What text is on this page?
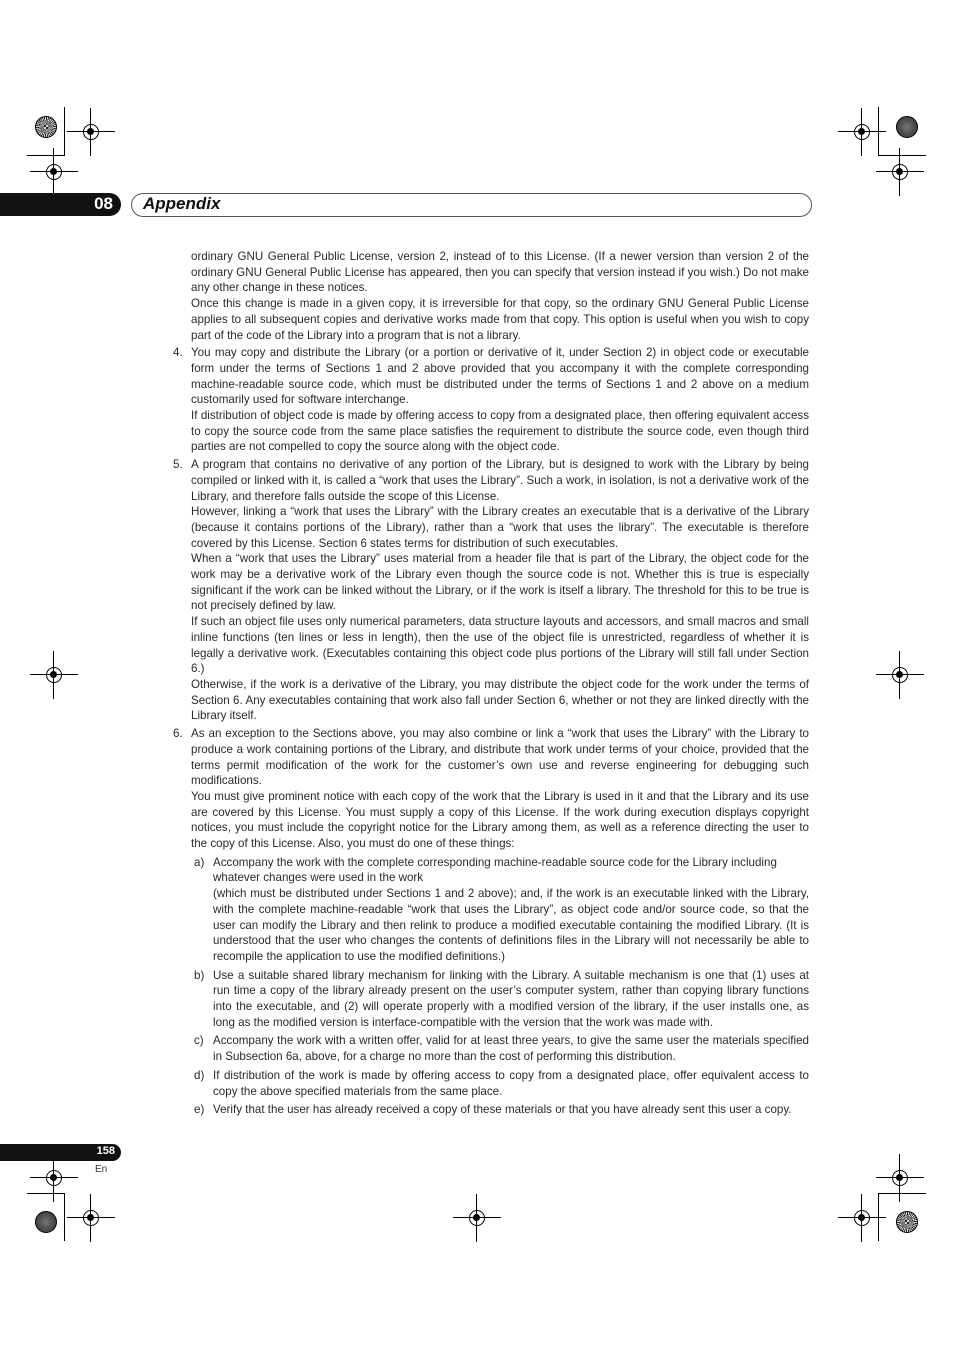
08 Appendix

ordinary GNU General Public License, version 2, instead of to this License. (If a newer version than version 2 of the ordinary GNU General Public License has appeared, then you can specify that version instead if you wish.) Do not make any other change in these notices.

Once this change is made in a given copy, it is irreversible for that copy, so the ordinary GNU General Public License applies to all subsequent copies and derivative works made from that copy. This option is useful when you wish to copy part of the code of the Library into a program that is not a library.

4. You may copy and distribute the Library (or a portion or derivative of it, under Section 2) in object code or executable form under the terms of Sections 1 and 2 above provided that you accompany it with the complete corresponding machine-readable source code, which must be distributed under the terms of Sections 1 and 2 above on a medium customarily used for software interchange.

If distribution of object code is made by offering access to copy from a designated place, then offering equivalent access to copy the source code from the same place satisfies the requirement to distribute the source code, even though third parties are not compelled to copy the source along with the object code.

5. A program that contains no derivative of any portion of the Library, but is designed to work with the Library by being compiled or linked with it, is called a “work that uses the Library”. Such a work, in isolation, is not a derivative work of the Library, and therefore falls outside the scope of this License.

However, linking a “work that uses the Library” with the Library creates an executable that is a derivative of the Library (because it contains portions of the Library), rather than a “work that uses the library”. The executable is therefore covered by this License. Section 6 states terms for distribution of such executables.

When a “work that uses the Library” uses material from a header file that is part of the Library, the object code for the work may be a derivative work of the Library even though the source code is not. Whether this is true is especially significant if the work can be linked without the Library, or if the work is itself a library. The threshold for this to be true is not precisely defined by law.

If such an object file uses only numerical parameters, data structure layouts and accessors, and small macros and small inline functions (ten lines or less in length), then the use of the object file is unrestricted, regardless of whether it is legally a derivative work. (Executables containing this object code plus portions of the Library will still fall under Section 6.)

Otherwise, if the work is a derivative of the Library, you may distribute the object code for the work under the terms of Section 6. Any executables containing that work also fall under Section 6, whether or not they are linked directly with the Library itself.

6. As an exception to the Sections above, you may also combine or link a “work that uses the Library” with the Library to produce a work containing portions of the Library, and distribute that work under terms of your choice, provided that the terms permit modification of the work for the customer’s own use and reverse engineering for debugging such modifications.

You must give prominent notice with each copy of the work that the Library is used in it and that the Library and its use are covered by this License. You must supply a copy of this License. If the work during execution displays copyright notices, you must include the copyright notice for the Library among them, as well as a reference directing the user to the copy of this License. Also, you must do one of these things:

a) Accompany the work with the complete corresponding machine-readable source code for the Library including whatever changes were used in the work

(which must be distributed under Sections 1 and 2 above); and, if the work is an executable linked with the Library, with the complete machine-readable “work that uses the Library”, as object code and/or source code, so that the user can modify the Library and then relink to produce a modified executable containing the modified Library. (It is understood that the user who changes the contents of definitions files in the Library will not necessarily be able to recompile the application to use the modified definitions.)

b) Use a suitable shared library mechanism for linking with the Library. A suitable mechanism is one that (1) uses at run time a copy of the library already present on the user’s computer system, rather than copying library functions into the executable, and (2) will operate properly with a modified version of the library, if the user installs one, as long as the modified version is interface-compatible with the version that the work was made with.

c) Accompany the work with a written offer, valid for at least three years, to give the same user the materials specified in Subsection 6a, above, for a charge no more than the cost of performing this distribution.

d) If distribution of the work is made by offering access to copy from a designated place, offer equivalent access to copy the above specified materials from the same place.

e) Verify that the user has already received a copy of these materials or that you have already sent this user a copy.

158
En
